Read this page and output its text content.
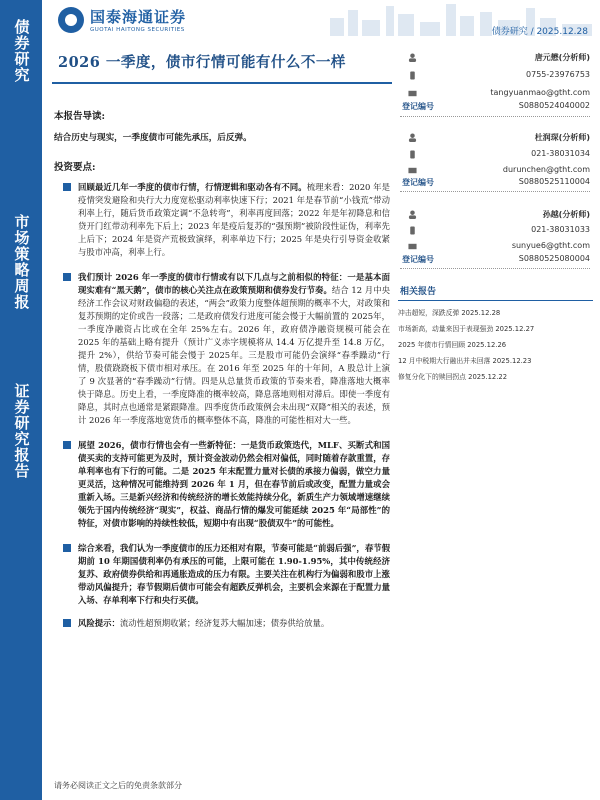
债券研究
市场策略周报
证券研究报告
国泰海通证券
GUOTAI HAITONG SECURITIES	债券研究 / 2025.12.28
2026 一季度，债市行情可能有什么不一样
本报告导读:
结合历史与现实，一季度债市可能先承压，后反弹。
投资要点:
回顾最近几年一季度的债市行情，行情逻辑和驱动各有不同。梳理来看：2020 年是疫情突发避险和央行大力度宽松驱动利率快速下行；2021 年是春节前“小钱荒”带动利率上行，随后货币政策定调“不急转弯”，利率再度回落；2022 年是年初降息和信贷开门红带动利率先下后上；2023 年是疫后复苏的“强预期”被阶段性证伪，利率先上后下；2024 年是资产荒极致演绎，利率单边下行；2025 年是央行引导资金收紧与股市冲高，利率上行。
我们预计 2026 年一季度的债市行情或有以下几点与之前相似的特征：一是基本面现实难有“黑天鹅”，债市的核心关注点在政策预期和债券发行节奏。结合 12 月中央经济工作会议对财政偏稳的表述，“两会”政策力度整体超预期的概率不大，对政策和复苏预期的定价或告一段落；二是政府债发行进度可能会慢于大幅前置的 2025年，一季度净融资占比或在全年 25%左右。2026 年，政府债净融资规模可能会在 2025 年的基础上略有提升（预计广义赤字规模将从 14.4 万亿提升至 14.8 万亿，提升 2%），供给节奏可能会慢于 2025年。三是股市可能仍会演绎“春季躁动”行情，股债跷跷板下债市相对承压。在 2016 年至 2025 年的十年间，A 股总计上演了 9 次显著的“春季躁动”行情。四是从总量货币政策的节奏来看，降准落地大概率快于降息。历史上看，一季度降准的概率较高，降息落地则相对滞后。即使一季度有降息，其时点也通常是紧跟降准。四季度货币政策例会未出现“双降”相关的表述，预计 2026 年一季度落地宽货币的概率整体不高，降准的可能性相对大一些。
展望 2026，债市行情也会有一些新特征：一是货币政策迭代，MLF、买断式和国债买卖的支持可能更为及时，预计资金波动仍然会相对偏低，同时随着存款重置，存单利率也有下行的可能。二是 2025 年末配置力量对长债的承接力偏弱，做空力量更灵活，这种情况可能维持到 2026 年 1 月，但在春节前后或改变，配置力量或会重新入场。三是新兴经济和传统经济的增长效能持续分化，新质生产力领域增速继续领先于国内传统经济“现实”，权益、商品行情的爆发可能延续 2025 年“局部性”的特征，对债市影响的持续性较低，短期中有出现“股债双牛”的可能性。
综合来看，我们认为一季度债市的压力还相对有限，节奏可能是“前弱后强”，春节假期前 10 年期国债利率仍有承压的可能，上限可能在 1.90-1.95%，其中传统经济复苏、政府债券供给和再通胀造成的压力有限。主要关注在机构行为偏弱和股市上涨带动风偏提升；春节假期后债市可能会有超跌反弹机会，主要机会来源在于配置力量入场、存单利率下行和央行买债。
风险提示：流动性超预期收紧；经济复苏大幅加速；债券供给放量。
唐元懋(分析师)
0755-23976753
tangyuanmao@gtht.com
登记编号	S0880524040002
杜润琛(分析师)
021-38031034
durunchen@gtht.com
登记编号	S0880525110004
孙越(分析师)
021-38031033
sunyue6@gtht.com
登记编号	S0880525080004
相关报告
冲击超短，深跌反弹 2025.12.28
市场新高，动量来因于表现强劲 2025.12.27
2025 年债市行情回顾 2025.12.26
12 月中税期大行融出并未回落 2025.12.23
修复分化下的赎回拐点 2025.12.22
请务必阅读正文之后的免责条款部分
